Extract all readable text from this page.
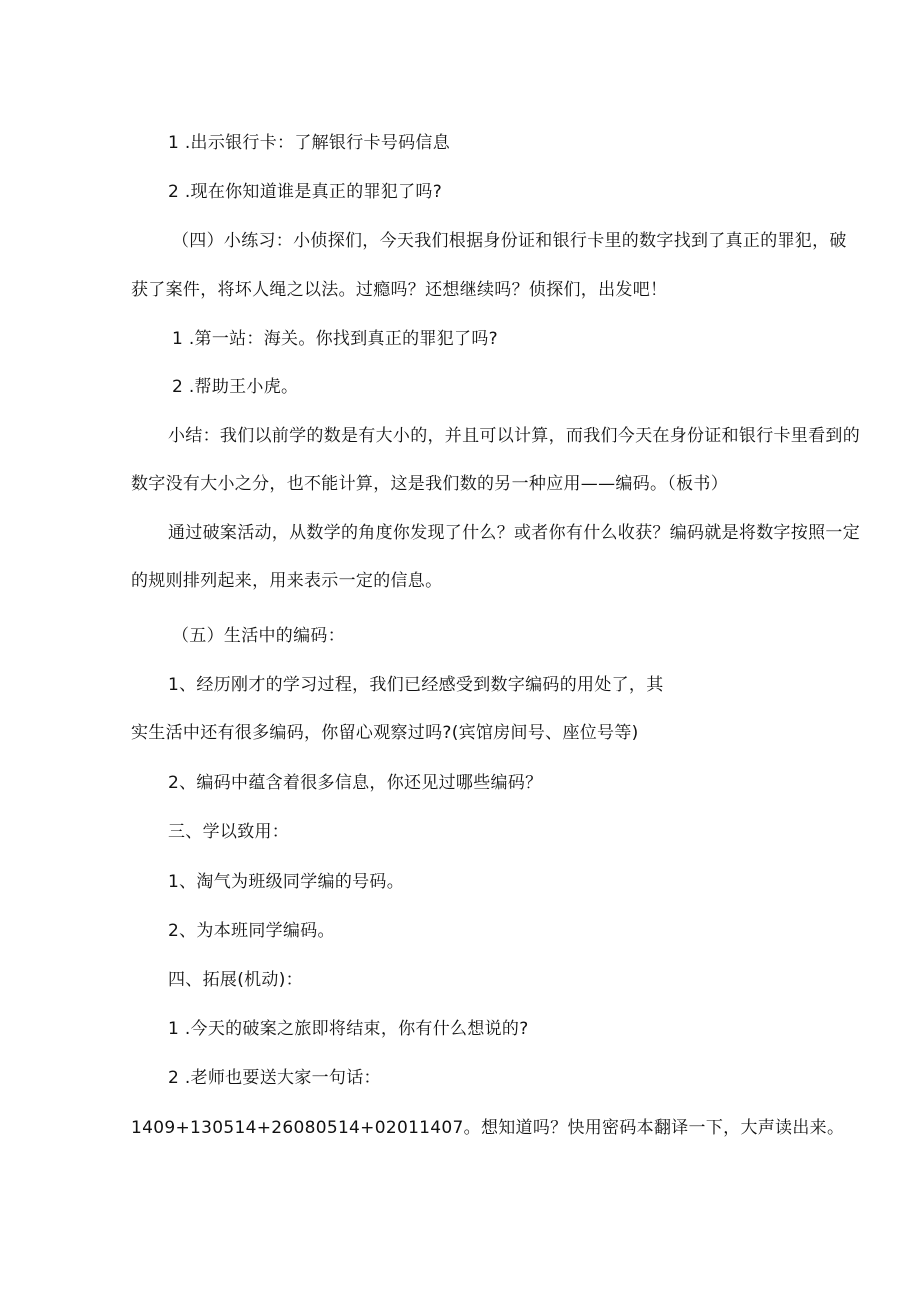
1 .出示银行卡：了解银行卡号码信息
2 .现在你知道谁是真正的罪犯了吗?
（四）小练习：小侦探们，今天我们根据身份证和银行卡里的数字找到了真正的罪犯，破
获了案件，将坏人绳之以法。过瘾吗？还想继续吗？侦探们，出发吧！
1 .第一站：海关。你找到真正的罪犯了吗?
2 .帮助王小虎。
小结：我们以前学的数是有大小的，并且可以计算，而我们今天在身份证和银行卡里看到的
数字没有大小之分，也不能计算，这是我们数的另一种应用——编码。（板书）
通过破案活动，从数学的角度你发现了什么？或者你有什么收获？编码就是将数字按照一定
的规则排列起来，用来表示一定的信息。
（五）生活中的编码：
1、经历刚才的学习过程，我们已经感受到数字编码的用处了，其
实生活中还有很多编码，你留心观察过吗?(宾馆房间号、座位号等)
2、编码中蕴含着很多信息，你还见过哪些编码？
三、学以致用：
1、淘气为班级同学编的号码。
2、为本班同学编码。
四、拓展(机动)：
1 .今天的破案之旅即将结束，你有什么想说的?
2 .老师也要送大家一句话：
1409+130514+26080514+02011407。想知道吗？快用密码本翻译一下，大声读出来。
